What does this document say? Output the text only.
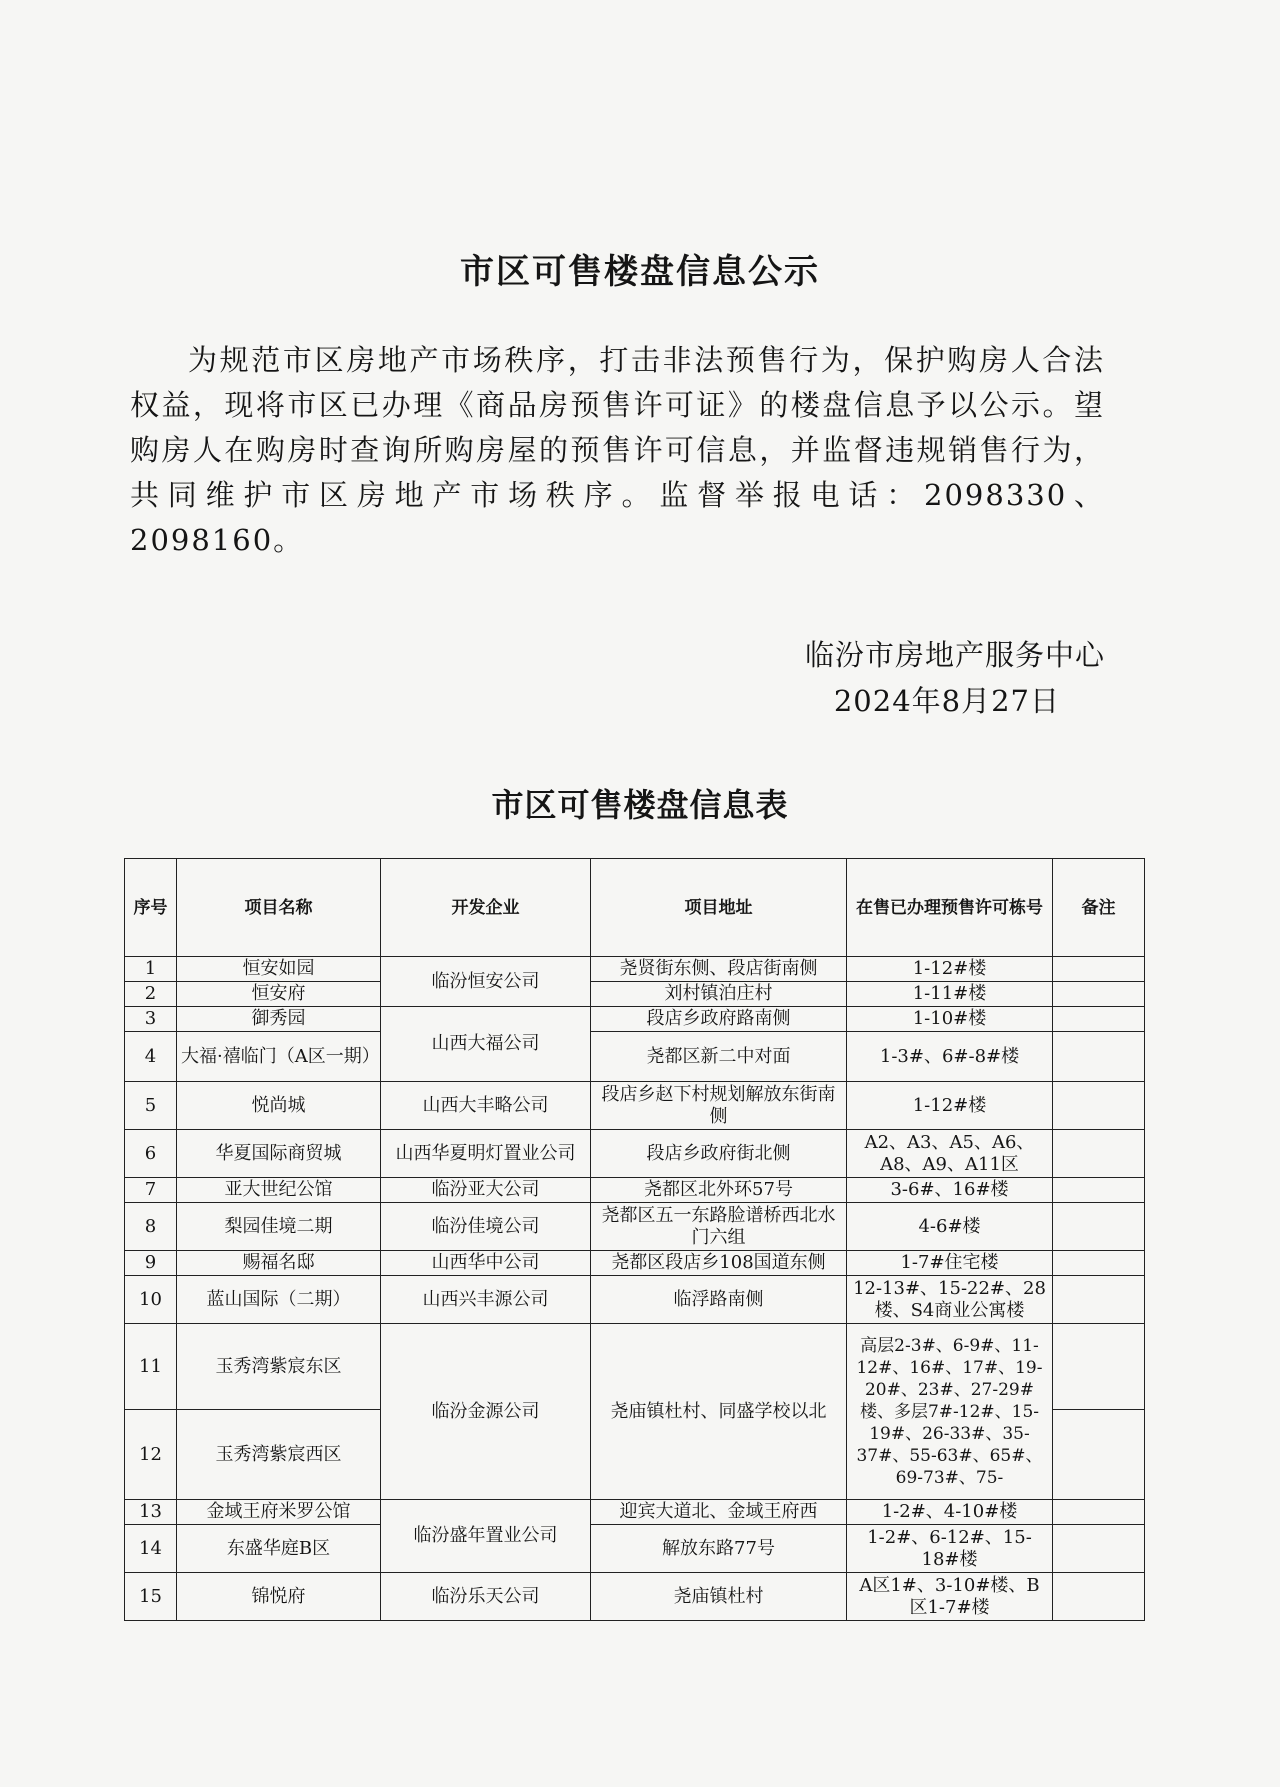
市区可售楼盘信息公示

为规范市区房地产市场秩序，打击非法预售行为，保护购房人合法权益，现将市区已办理《商品房预售许可证》的楼盘信息予以公示。望购房人在购房时查询所购房屋的预售许可信息，并监督违规销售行为，共同维护市区房地产市场秩序。监督举报电话：2098330、2098160。

临汾市房地产服务中心
2024年8月27日
市区可售楼盘信息表
序号	项目名称	开发企业	项目地址	在售已办理预售许可栋号	备注
1	恒安如园	临汾恒安公司	尧贤街东侧、段店街南侧	1-12#楼	
2	恒安府		刘村镇泊庄村	1-11#楼	
3	御秀园	山西大福公司	段店乡政府路南侧	1-10#楼	
4	大福·禧临门（A区一期）		尧都区新二中对面	1-3#、6#-8#楼	
5	悦尚城	山西大丰略公司	段店乡赵下村规划解放东街南侧	1-12#楼	
6	华夏国际商贸城	山西华夏明灯置业公司	段店乡政府街北侧	A2、A3、A5、A6、A8、A9、A11区	
7	亚大世纪公馆	临汾亚大公司	尧都区北外环57号	3-6#、16#楼	
8	梨园佳境二期	临汾佳境公司	尧都区五一东路脸谱桥西北水门六组	4-6#楼	
9	赐福名邸	山西华中公司	尧都区段店乡108国道东侧	1-7#住宅楼	
10	蓝山国际（二期）	山西兴丰源公司	临浮路南侧	12-13#、15-22#、28楼、S4商业公寓楼	
11	玉秀湾紫宸东区	临汾金源公司	尧庙镇杜村、同盛学校以北	高层2-3#、6-9#、11-12#、16#、17#、19-20#、23#、27-29#楼、多层7#-12#、15-19#、26-33#、35-37#、55-63#、65#、69-73#、75-	
12	玉秀湾紫宸西区				
13	金域王府米罗公馆	临汾盛年置业公司	迎宾大道北、金域王府西	1-2#、4-10#楼	
14	东盛华庭B区		解放东路77号	1-2#、6-12#、15-18#楼	
15	锦悦府	临汾乐天公司	尧庙镇杜村	A区1#、3-10#楼、B区1-7#楼	
